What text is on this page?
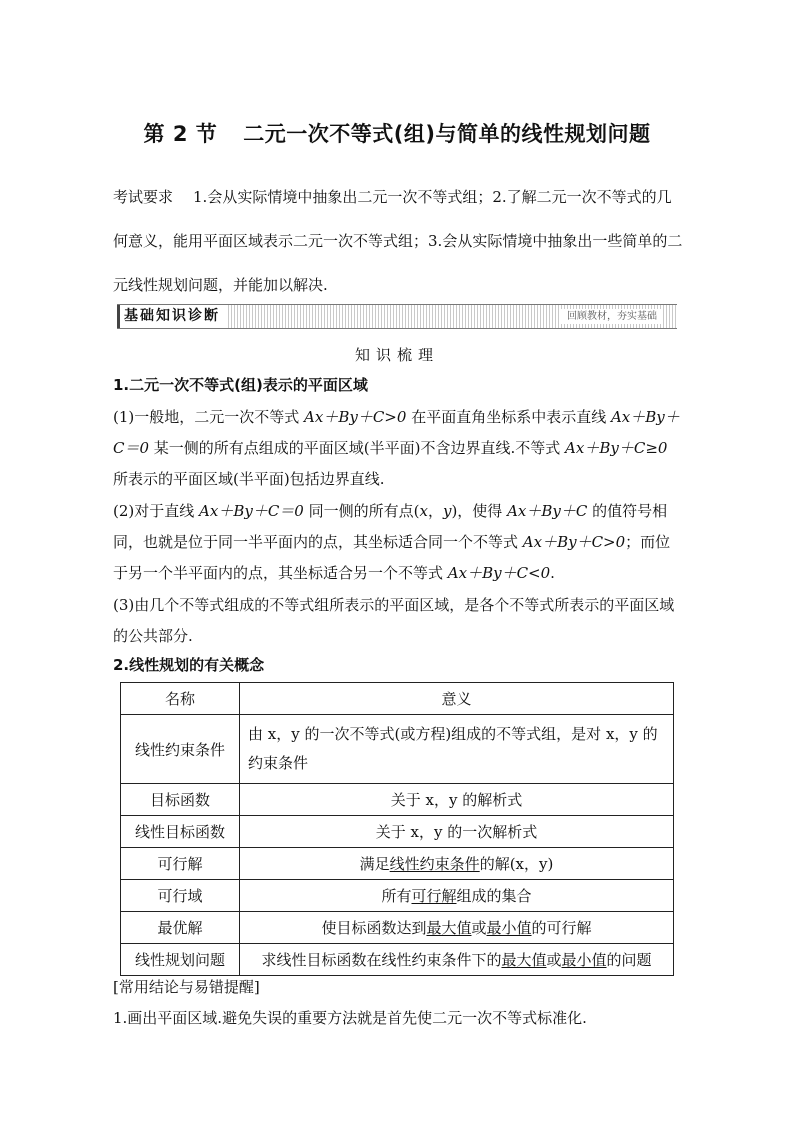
第 2 节 二元一次不等式(组)与简单的线性规划问题
考试要求 1.会从实际情境中抽象出二元一次不等式组；2.了解二元一次不等式的几何意义，能用平面区域表示二元一次不等式组；3.会从实际情境中抽象出一些简单的二元线性规划问题，并能加以解决.
基础知识诊断	回顾教材，夯实基础
知识梳理
1.二元一次不等式(组)表示的平面区域
(1)一般地，二元一次不等式 Ax＋By＋C>0 在平面直角坐标系中表示直线 Ax＋By＋C＝0 某一侧的所有点组成的平面区域(半平面)不含边界直线.不等式 Ax＋By＋C≥0 所表示的平面区域(半平面)包括边界直线.
(2)对于直线 Ax＋By＋C＝0 同一侧的所有点(x，y)，使得 Ax＋By＋C 的值符号相同，也就是位于同一半平面内的点，其坐标适合同一个不等式 Ax＋By＋C>0；而位于另一个半平面内的点，其坐标适合另一个不等式 Ax＋By＋C<0.
(3)由几个不等式组成的不等式组所表示的平面区域，是各个不等式所表示的平面区域的公共部分.
2.线性规划的有关概念
名称	意义
线性约束条件	由 x，y 的一次不等式(或方程)组成的不等式组，是对 x，y 的约束条件
目标函数	关于 x，y 的解析式
线性目标函数	关于 x，y 的一次解析式
可行解	满足线性约束条件的解(x，y)
可行域	所有可行解组成的集合
最优解	使目标函数达到最大值或最小值的可行解
线性规划问题	求线性目标函数在线性约束条件下的最大值或最小值的问题
[常用结论与易错提醒]
1.画出平面区域.避免失误的重要方法就是首先使二元一次不等式标准化.
